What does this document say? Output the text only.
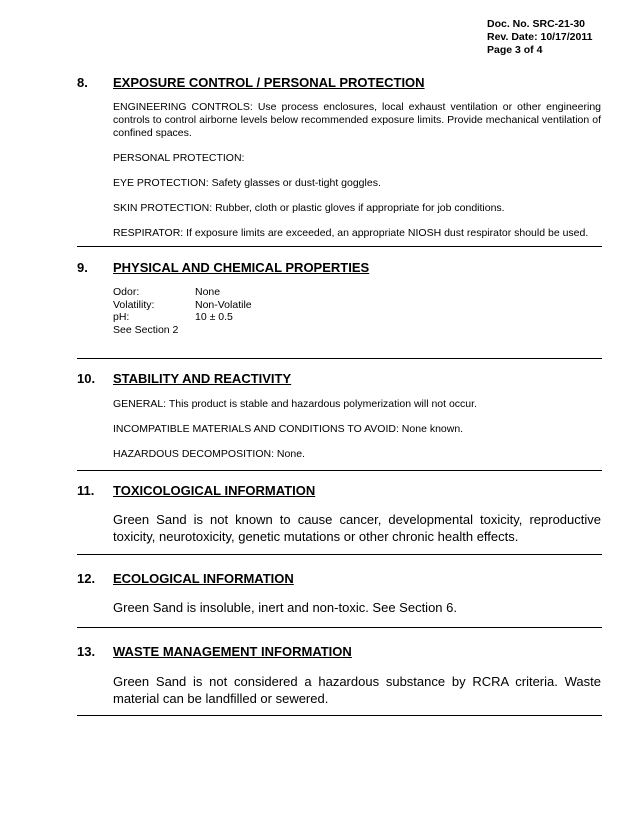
Doc. No. SRC-21-30
Rev. Date: 10/17/2011
Page 3 of 4
8. EXPOSURE CONTROL / PERSONAL PROTECTION

ENGINEERING CONTROLS: Use process enclosures, local exhaust ventilation or other engineering controls to control airborne levels below recommended exposure limits. Provide mechanical ventilation of confined spaces.

PERSONAL PROTECTION:

EYE PROTECTION: Safety glasses or dust-tight goggles.

SKIN PROTECTION: Rubber, cloth or plastic gloves if appropriate for job conditions.

RESPIRATOR: If exposure limits are exceeded, an appropriate NIOSH dust respirator should be used.

9. PHYSICAL AND CHEMICAL PROPERTIES
Odor:	None
Volatility:	Non-Volatile
pH:	10 ± 0.5
See Section 2
10. STABILITY AND REACTIVITY

GENERAL: This product is stable and hazardous polymerization will not occur.

INCOMPATIBLE MATERIALS AND CONDITIONS TO AVOID: None known.

HAZARDOUS DECOMPOSITION: None.

11. TOXICOLOGICAL INFORMATION

Green Sand is not known to cause cancer, developmental toxicity, reproductive toxicity, neurotoxicity, genetic mutations or other chronic health effects.

12. ECOLOGICAL INFORMATION

Green Sand is insoluble, inert and non-toxic. See Section 6.

13. WASTE MANAGEMENT INFORMATION

Green Sand is not considered a hazardous substance by RCRA criteria. Waste material can be landfilled or sewered.
